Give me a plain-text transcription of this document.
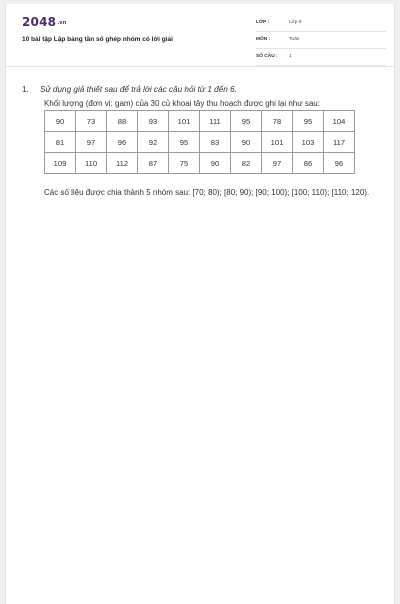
2048.vn
10 bài tập Lập bảng tần số ghép nhóm có lời giải
LỚP :	Lớp 9
MÔN :	Toán
SỐ CÂU : 1
1. Sử dụng giả thiết sau để trả lời các câu hỏi từ 1 đến 6.
Khối lượng (đơn vị: gam) của 30 củ khoai tây thu hoạch được ghi lại như sau:
90	73	88	93	101	111	95	78	95	104
81	97	96	92	95	83	90	101	103	117
109	110	112	87	75	90	82	97	86	96
Các số liệu được chia thành 5 nhóm sau: [70; 80); [80; 90); [90; 100); [100; 110); [110; 120).
